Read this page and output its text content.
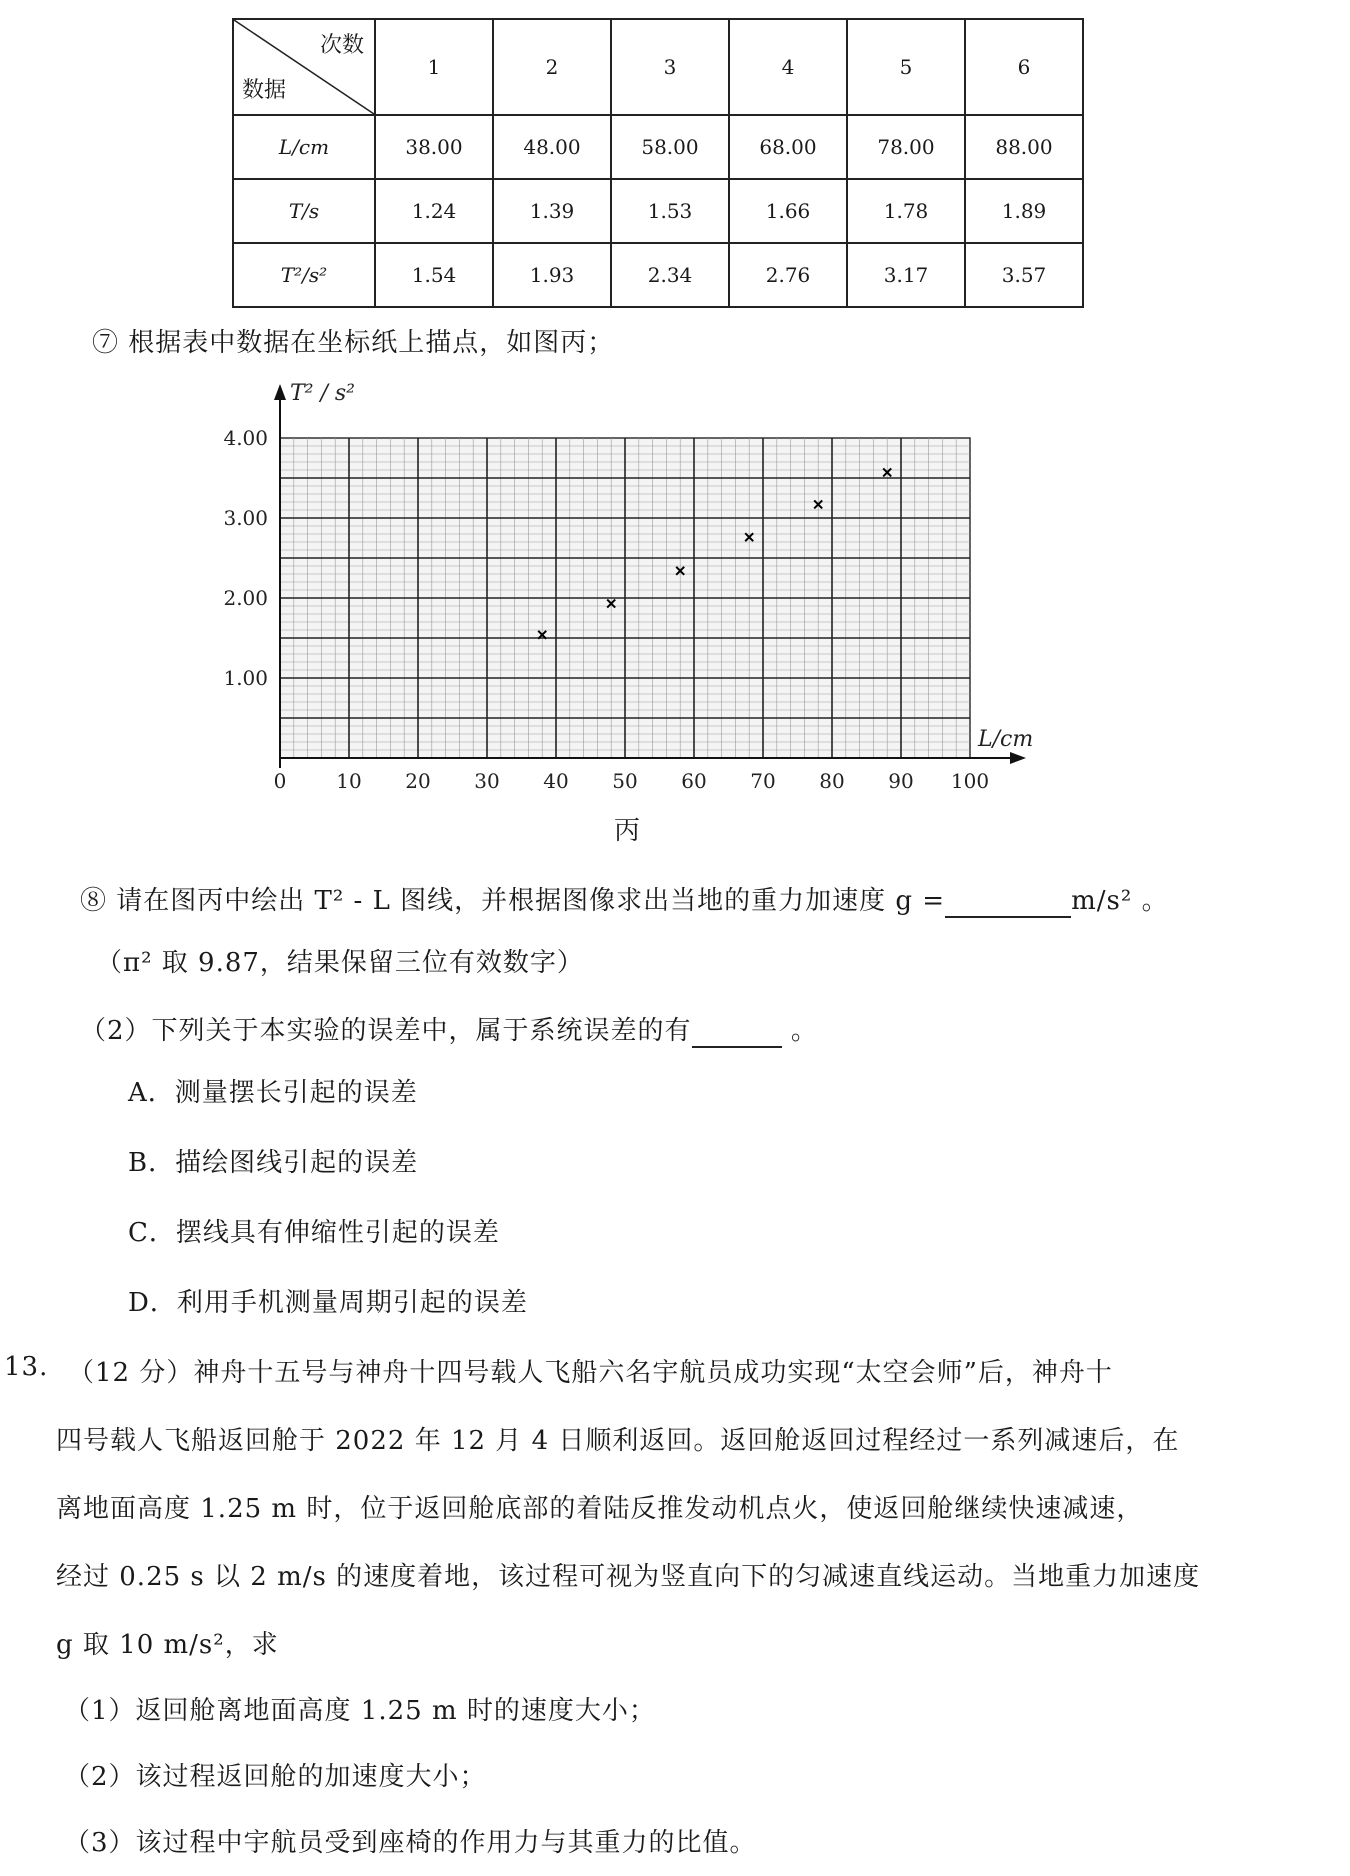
次数
数据	1	2	3	4	5	6
L/cm	38.00	48.00	58.00	68.00	78.00	88.00
T/s	1.24	1.39	1.53	1.66	1.78	1.89
T²/s²	1.54	1.93	2.34	2.76	3.17	3.57
⑦ 根据表中数据在坐标纸上描点，如图丙；
0 10 20 30 40 50 60 70 80 90 100
1.00
2.00
3.00
4.00
T² / s²
L/cm
丙
⑧ 请在图丙中绘出 T² - L 图线，并根据图像求出当地的重力加速度 g =	m/s² 。
（π² 取 9.87，结果保留三位有效数字）
（2）下列关于本实验的误差中，属于系统误差的有	。
A．测量摆长引起的误差
B．描绘图线引起的误差
C．摆线具有伸缩性引起的误差
D．利用手机测量周期引起的误差
13. （12 分）神舟十五号与神舟十四号载人飞船六名宇航员成功实现“太空会师”后，神舟十
四号载人飞船返回舱于 2022 年 12 月 4 日顺利返回。返回舱返回过程经过一系列减速后，在
离地面高度 1.25 m 时，位于返回舱底部的着陆反推发动机点火，使返回舱继续快速减速，
经过 0.25 s 以 2 m/s 的速度着地，该过程可视为竖直向下的匀减速直线运动。当地重力加速度
g 取 10 m/s²，求
（1）返回舱离地面高度 1.25 m 时的速度大小；
（2）该过程返回舱的加速度大小；
（3）该过程中宇航员受到座椅的作用力与其重力的比值。
